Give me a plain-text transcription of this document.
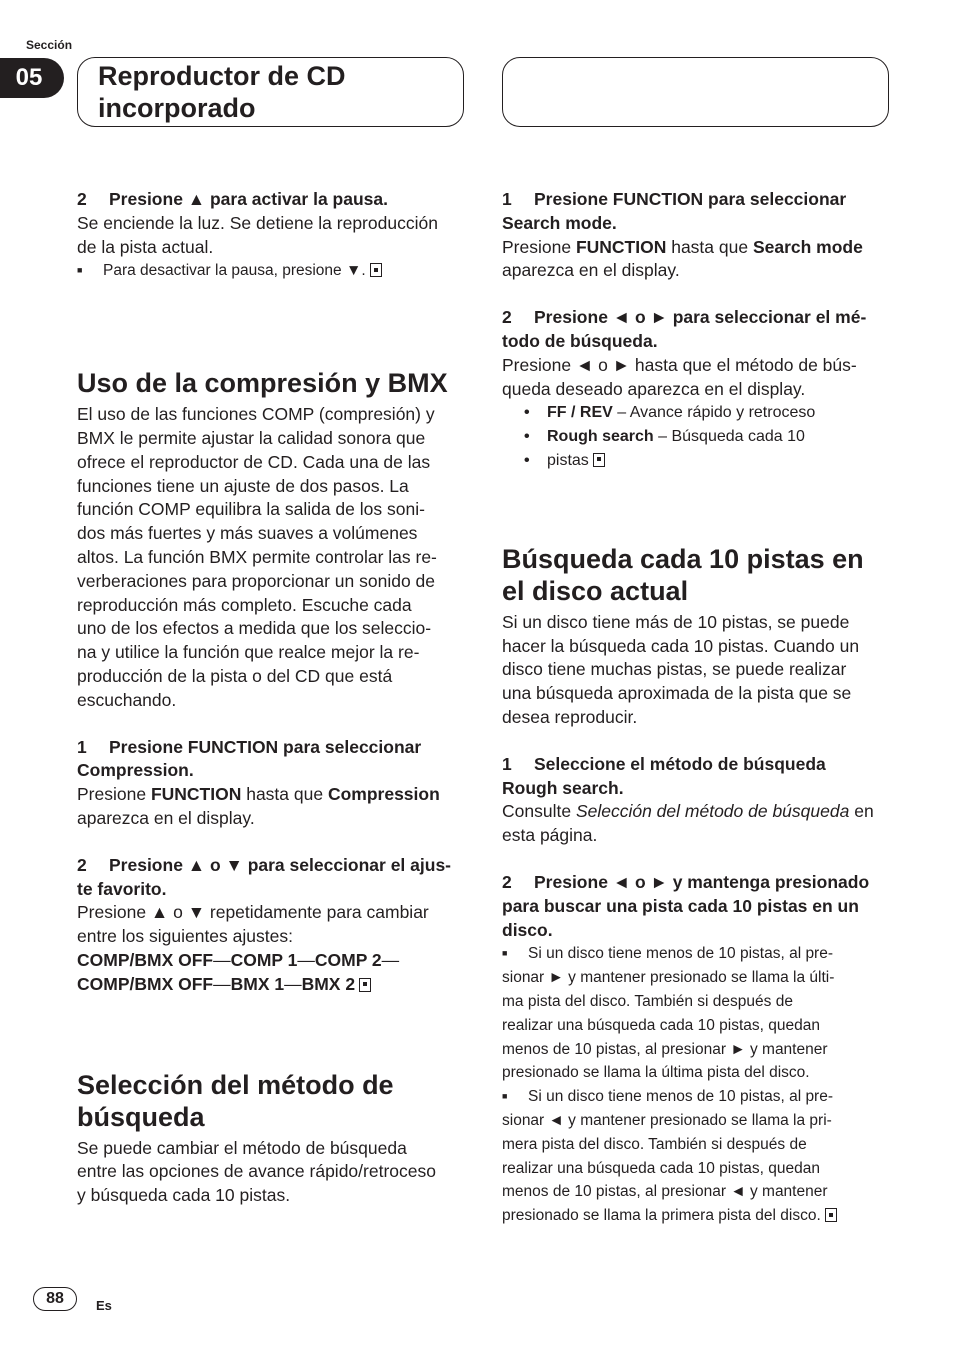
Sección
05	Reproductor de CD
incorporado

2 Presione ▲ para activar la pausa.

Se enciende la luz. Se detiene la reproducción

de la pista actual.

■ Para desactivar la pausa, presione ▼.

Uso de la compresión y BMX

El uso de las funciones COMP (compresión) y

BMX le permite ajustar la calidad sonora que

ofrece el reproductor de CD. Cada una de las

funciones tiene un ajuste de dos pasos. La

función COMP equilibra la salida de los soni-

dos más fuertes y más suaves a volúmenes

altos. La función BMX permite controlar las re-

verberaciones para proporcionar un sonido de

reproducción más completo. Escuche cada

uno de los efectos a medida que los seleccio-

na y utilice la función que realce mejor la re-

producción de la pista o del CD que está

escuchando.

1 Presione FUNCTION para seleccionar

Compression.

Presione FUNCTION hasta que Compression

aparezca en el display.

2 Presione ▲ o ▼ para seleccionar el ajus-

te favorito.

Presione ▲ o ▼ repetidamente para cambiar

entre los siguientes ajustes:

COMP/BMX OFF—COMP 1—COMP 2—

COMP/BMX OFF—BMX 1—BMX 2

Selección del método de
búsqueda

Se puede cambiar el método de búsqueda

entre las opciones de avance rápido/retroceso

y búsqueda cada 10 pistas.

1 Presione FUNCTION para seleccionar

Search mode.

Presione FUNCTION hasta que Search mode

aparezca en el display.

2 Presione ◄ o ► para seleccionar el mé-

todo de búsqueda.

Presione ◄ o ► hasta que el método de bús-

queda deseado aparezca en el display.

• FF / REV – Avance rápido y retroceso

• Rough search – Búsqueda cada 10

• pistas

Búsqueda cada 10 pistas en
el disco actual

Si un disco tiene más de 10 pistas, se puede

hacer la búsqueda cada 10 pistas. Cuando un

disco tiene muchas pistas, se puede realizar

una búsqueda aproximada de la pista que se

desea reproducir.

1 Seleccione el método de búsqueda

Rough search.

Consulte Selección del método de búsqueda en

esta página.

2 Presione ◄ o ► y mantenga presionado

para buscar una pista cada 10 pistas en un

disco.

■ Si un disco tiene menos de 10 pistas, al pre-

sionar ► y mantener presionado se llama la últi-

ma pista del disco. También si después de

realizar una búsqueda cada 10 pistas, quedan

menos de 10 pistas, al presionar ► y mantener

presionado se llama la última pista del disco.

■ Si un disco tiene menos de 10 pistas, al pre-

sionar ◄ y mantener presionado se llama la pri-

mera pista del disco. También si después de

realizar una búsqueda cada 10 pistas, quedan

menos de 10 pistas, al presionar ◄ y mantener

presionado se llama la primera pista del disco.

88	Es
